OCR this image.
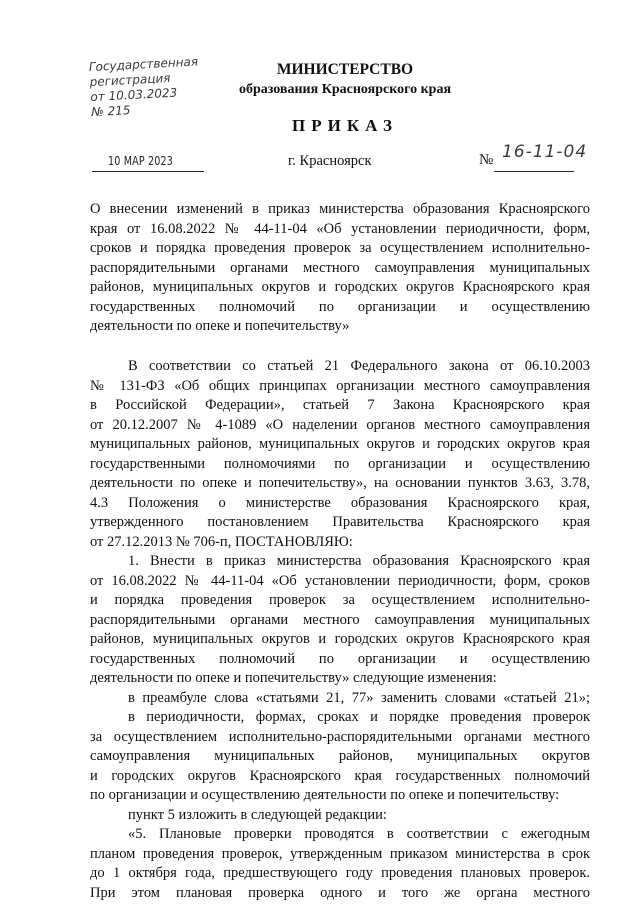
Государственная
регистрация
от 10.03.2023
№ 215
МИНИСТЕРСТВО
образования Красноярского края
ПРИКАЗ
10 МАР 2023	г. Красноярск	№ 16-11-04

О внесении изменений в приказ министерства образования Красноярского

края от 16.08.2022 № 44-11-04 «Об установлении периодичности, форм,

сроков и порядка проведения проверок за осуществлением исполнительно-

распорядительными органами местного самоуправления муниципальных

районов, муниципальных округов и городских округов Красноярского края

государственных полномочий по организации и осуществлению

деятельности по опеке и попечительству»

В соответствии со статьей 21 Федерального закона от 06.10.2003

№ 131-ФЗ «Об общих принципах организации местного самоуправления

в Российской Федерации», статьей 7 Закона Красноярского края

от 20.12.2007 № 4-1089 «О наделении органов местного самоуправления

муниципальных районов, муниципальных округов и городских округов края

государственными полномочиями по организации и осуществлению

деятельности по опеке и попечительству», на основании пунктов 3.63, 3.78,

4.3 Положения о министерстве образования Красноярского края,

утвержденного постановлением Правительства Красноярского края

от 27.12.2013 № 706-п, ПОСТАНОВЛЯЮ:

1. Внести в приказ министерства образования Красноярского края

от 16.08.2022 № 44-11-04 «Об установлении периодичности, форм, сроков

и порядка проведения проверок за осуществлением исполнительно-

распорядительными органами местного самоуправления муниципальных

районов, муниципальных округов и городских округов Красноярского края

государственных полномочий по организации и осуществлению

деятельности по опеке и попечительству» следующие изменения:

в преамбуле слова «статьями 21, 77» заменить словами «статьей 21»;

в периодичности, формах, сроках и порядке проведения проверок

за осуществлением исполнительно-распорядительными органами местного

самоуправления муниципальных районов, муниципальных округов

и городских округов Красноярского края государственных полномочий

по организации и осуществлению деятельности по опеке и попечительству:

пункт 5 изложить в следующей редакции:

«5. Плановые проверки проводятся в соответствии с ежегодным

планом проведения проверок, утвержденным приказом министерства в срок

до 1 октября года, предшествующего году проведения плановых проверок.

При этом плановая проверка одного и того же органа местного
